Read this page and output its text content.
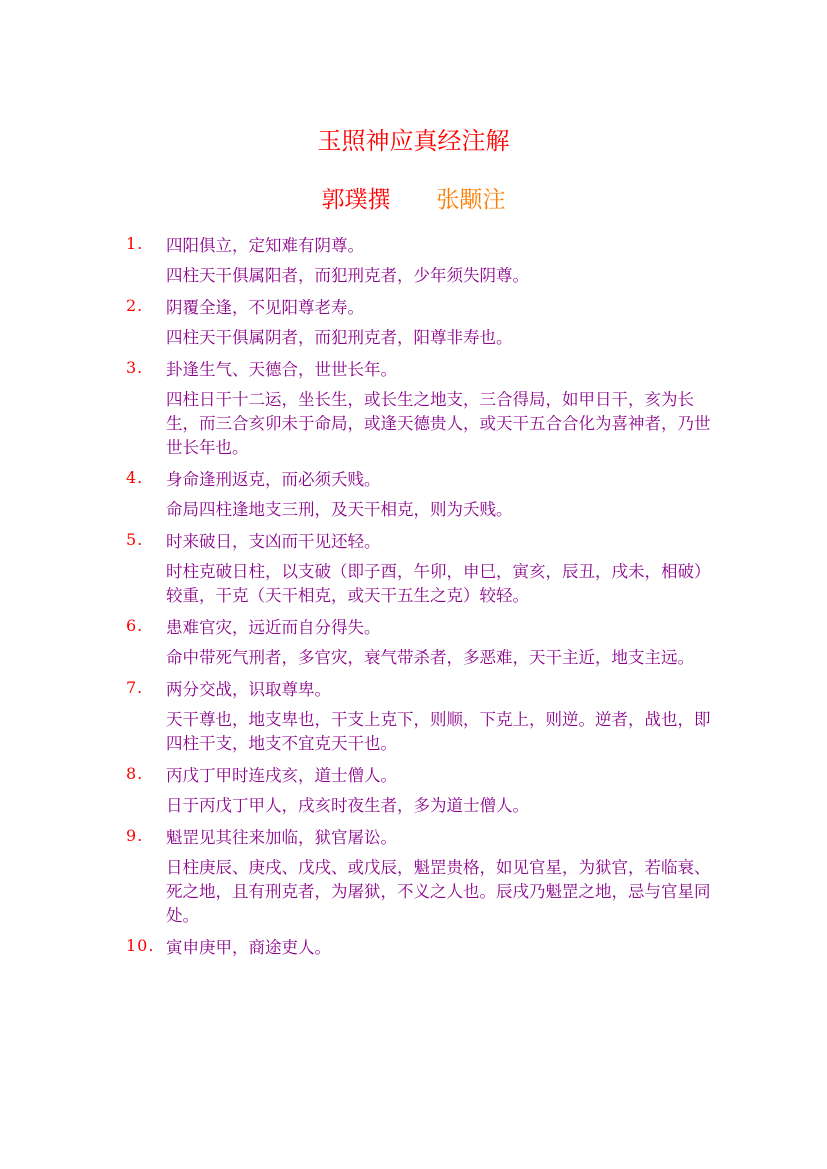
玉照神应真经注解
郭璞撰 张颙注
1. 四阳俱立，定知难有阴尊。

四柱天干俱属阳者，而犯刑克者，少年须失阴尊。

2. 阴覆全逢，不见阳尊老寿。

四柱天干俱属阴者，而犯刑克者，阳尊非寿也。

3. 卦逢生气、天德合，世世长年。

四柱日干十二运，坐长生，或长生之地支，三合得局，如甲日干，亥为长生，而三合亥卯未于命局，或逢天德贵人，或天干五合合化为喜神者，乃世世长年也。

4. 身命逢刑返克，而必须夭贱。

命局四柱逢地支三刑，及天干相克，则为夭贱。

5. 时来破日，支凶而干见还轻。

时柱克破日柱，以支破（即子酉，午卯，申巳，寅亥，辰丑，戌未，相破）较重，干克（天干相克，或天干五生之克）较轻。

6. 患难官灾，远近而自分得失。

命中带死气刑者，多官灾，衰气带杀者，多恶难，天干主近，地支主远。

7. 两分交战，识取尊卑。

天干尊也，地支卑也，干支上克下，则顺，下克上，则逆。逆者，战也，即四柱干支，地支不宜克天干也。

8. 丙戊丁甲时连戌亥，道士僧人。

日于丙戊丁甲人，戌亥时夜生者，多为道士僧人。

9. 魁罡见其往来加临，狱官屠讼。

日柱庚辰、庚戌、戊戌、或戊辰，魁罡贵格，如见官星，为狱官，若临衰、死之地，且有刑克者，为屠狱，不义之人也。辰戌乃魁罡之地，忌与官星同处。

10. 寅申庚甲，商途吏人。
